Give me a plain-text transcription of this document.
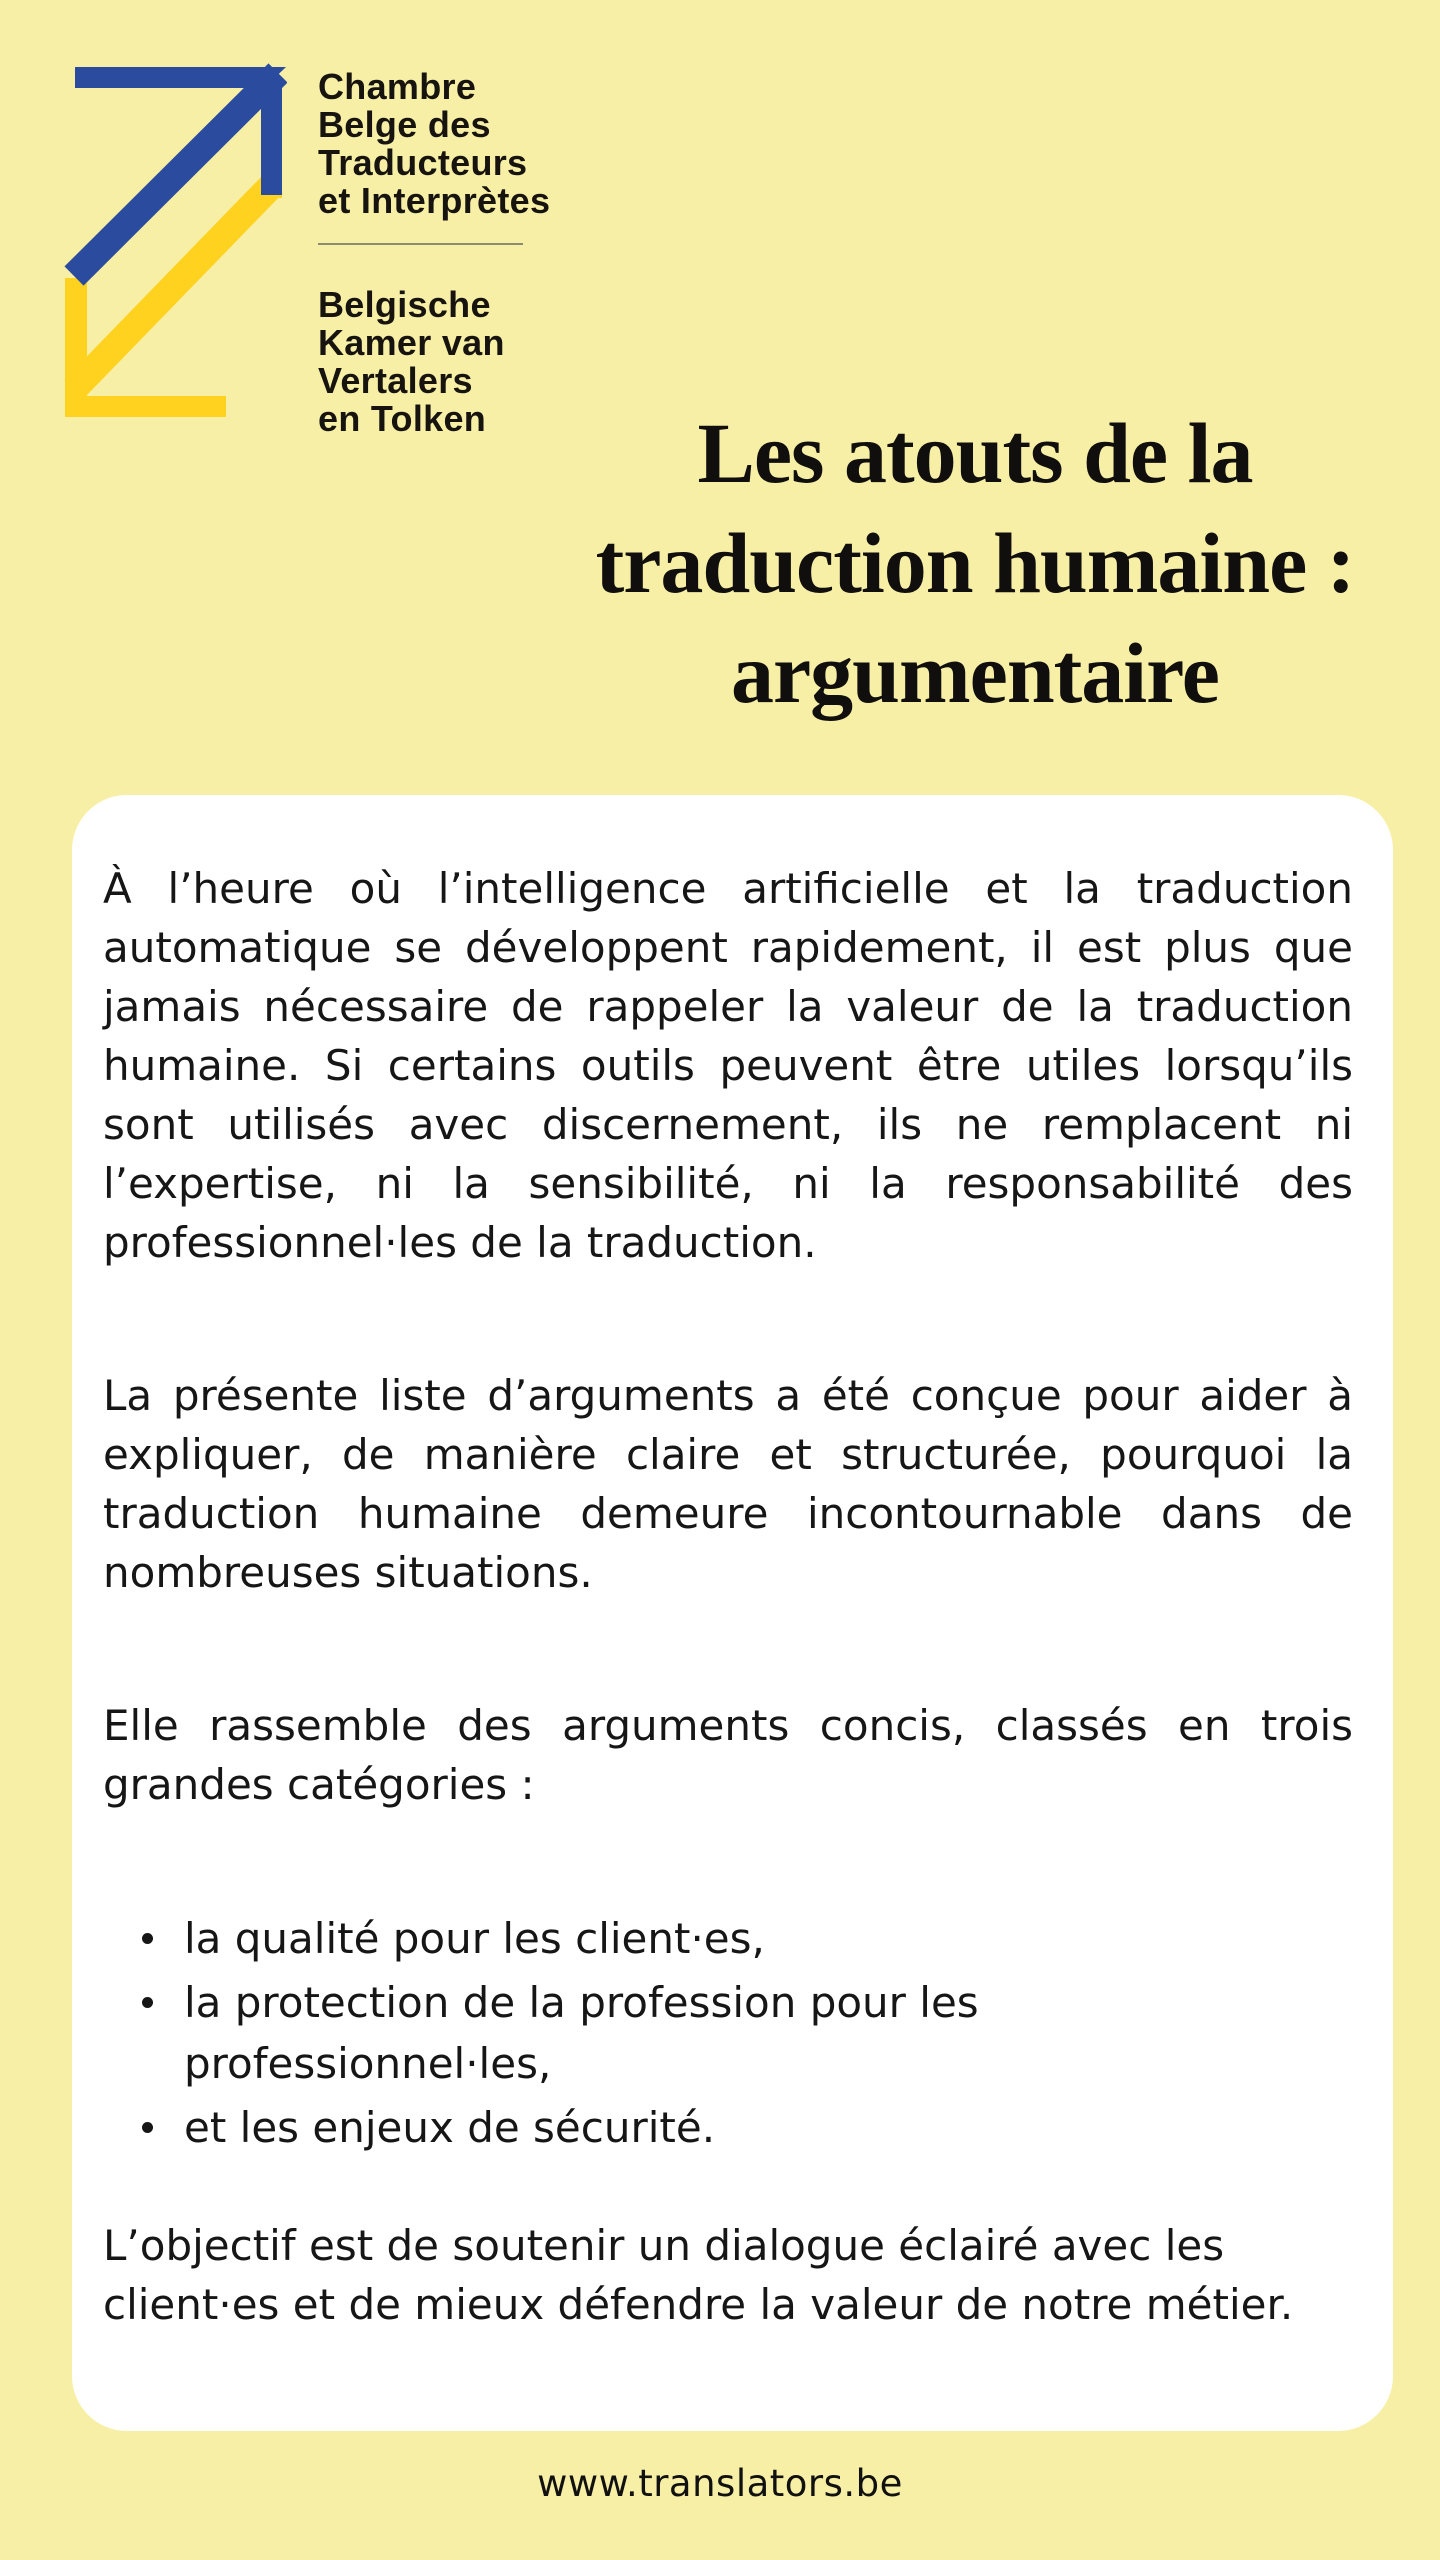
Chambre
Belge des
Traducteurs
et Interprètes
Belgische
Kamer van
Vertalers
en Tolken	Les atouts de la
traduction humaine :
argumentaire

À l’heure où l’intelligence artificielle et la traduction automatique se développent rapidement, il est plus que jamais nécessaire de rappeler la valeur de la traduction humaine. Si certains outils peuvent être utiles lorsqu’ils sont utilisés avec discernement, ils ne remplacent ni l’expertise, ni la sensibilité, ni la responsabilité des professionnel·les de la traduction.

La présente liste d’arguments a été conçue pour aider à expliquer, de manière claire et structurée, pourquoi la traduction humaine demeure incontournable dans de nombreuses situations.

Elle rassemble des arguments concis, classés en trois grandes catégories :

la qualité pour les client·es,
la protection de la profession pour les professionnel·les,
et les enjeux de sécurité.

L’objectif est de soutenir un dialogue éclairé avec les client·es et de mieux défendre la valeur de notre métier.

www.translators.be
